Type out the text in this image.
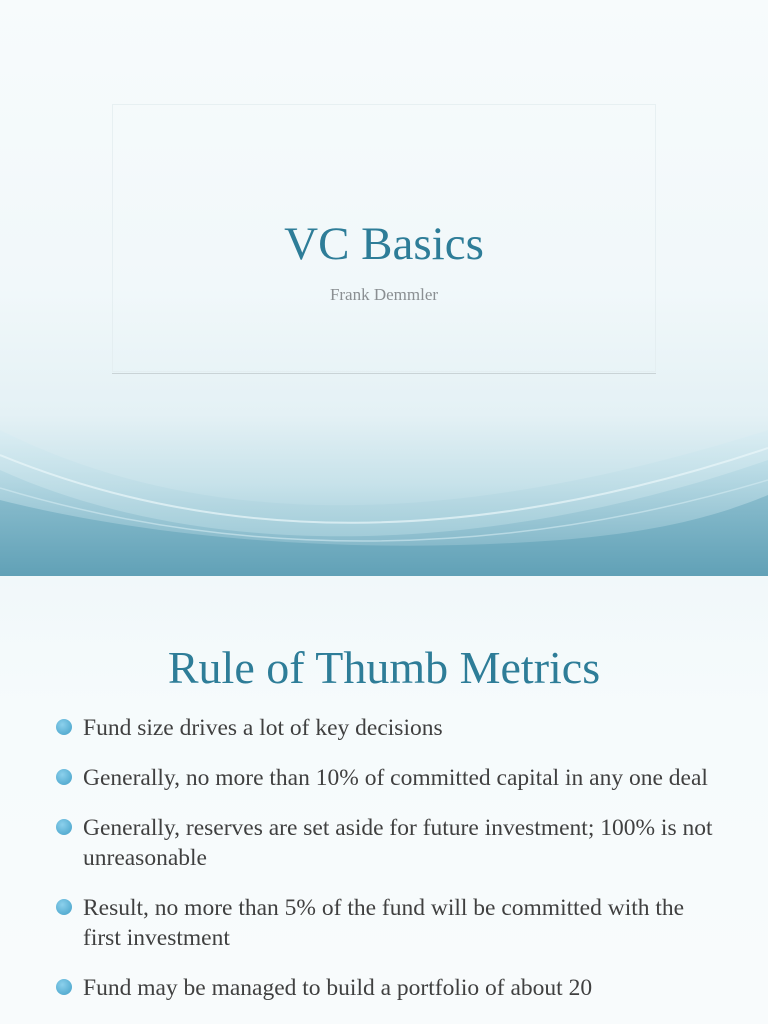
VC Basics
Frank Demmler
Rule of Thumb Metrics
Fund size drives a lot of key decisions
Generally, no more than 10% of committed capital in any one deal
Generally, reserves are set aside for future investment; 100% is not unreasonable
Result, no more than 5% of the fund will be committed with the first investment
Fund may be managed to build a portfolio of about 20
